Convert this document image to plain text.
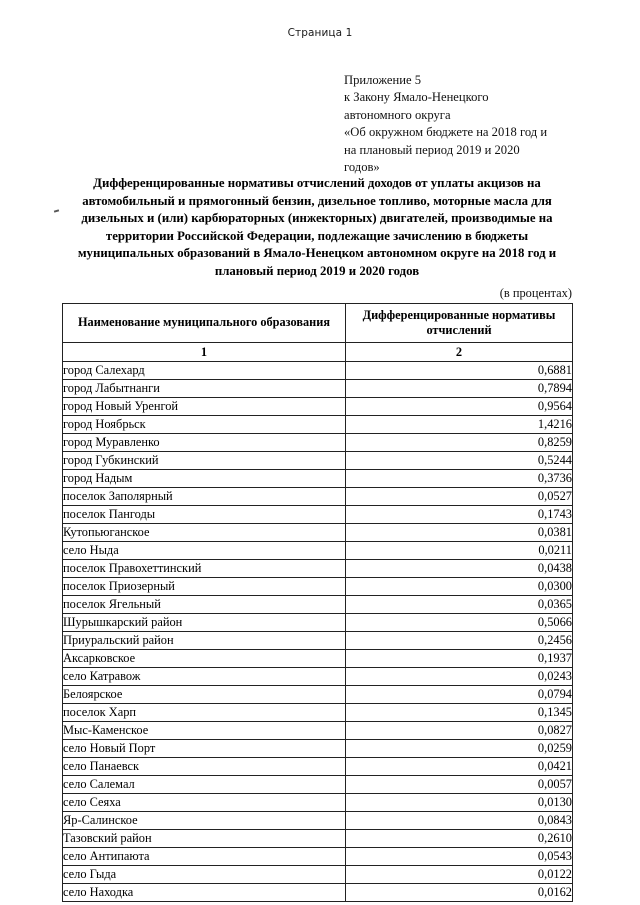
Страница 1
Приложение 5
к Закону Ямало-Ненецкого
автономного округа
«Об окружном бюджете на 2018 год и
на плановый период 2019 и 2020
годов»
Дифференцированные нормативы отчислений доходов от уплаты акцизов на автомобильный и прямогонный бензин, дизельное топливо, моторные масла для дизельных и (или) карбюраторных (инжекторных) двигателей, производимые на территории Российской Федерации, подлежащие зачислению в бюджеты муниципальных образований в Ямало-Ненецком автономном округе на 2018 год и плановый период 2019 и 2020 годов
(в процентах)
Наименование муниципального образования	Дифференцированные нормативы отчислений
1	2
город Салехард	0,6881
город Лабытнанги	0,7894
город Новый Уренгой	0,9564
город Ноябрьск	1,4216
город Муравленко	0,8259
город Губкинский	0,5244
город Надым	0,3736
поселок Заполярный	0,0527
поселок Пангоды	0,1743
Кутопьюганское	0,0381
село Ныда	0,0211
поселок Правохеттинский	0,0438
поселок Приозерный	0,0300
поселок Ягельный	0,0365
Шурышкарский район	0,5066
Приуральский район	0,2456
Аксарковское	0,1937
село Катравож	0,0243
Белоярское	0,0794
поселок Харп	0,1345
Мыс-Каменское	0,0827
село Новый Порт	0,0259
село Панаевск	0,0421
село Салемал	0,0057
село Сеяха	0,0130
Яр-Салинское	0,0843
Тазовский район	0,2610
село Антипаюта	0,0543
село Гыда	0,0122
село Находка	0,0162
